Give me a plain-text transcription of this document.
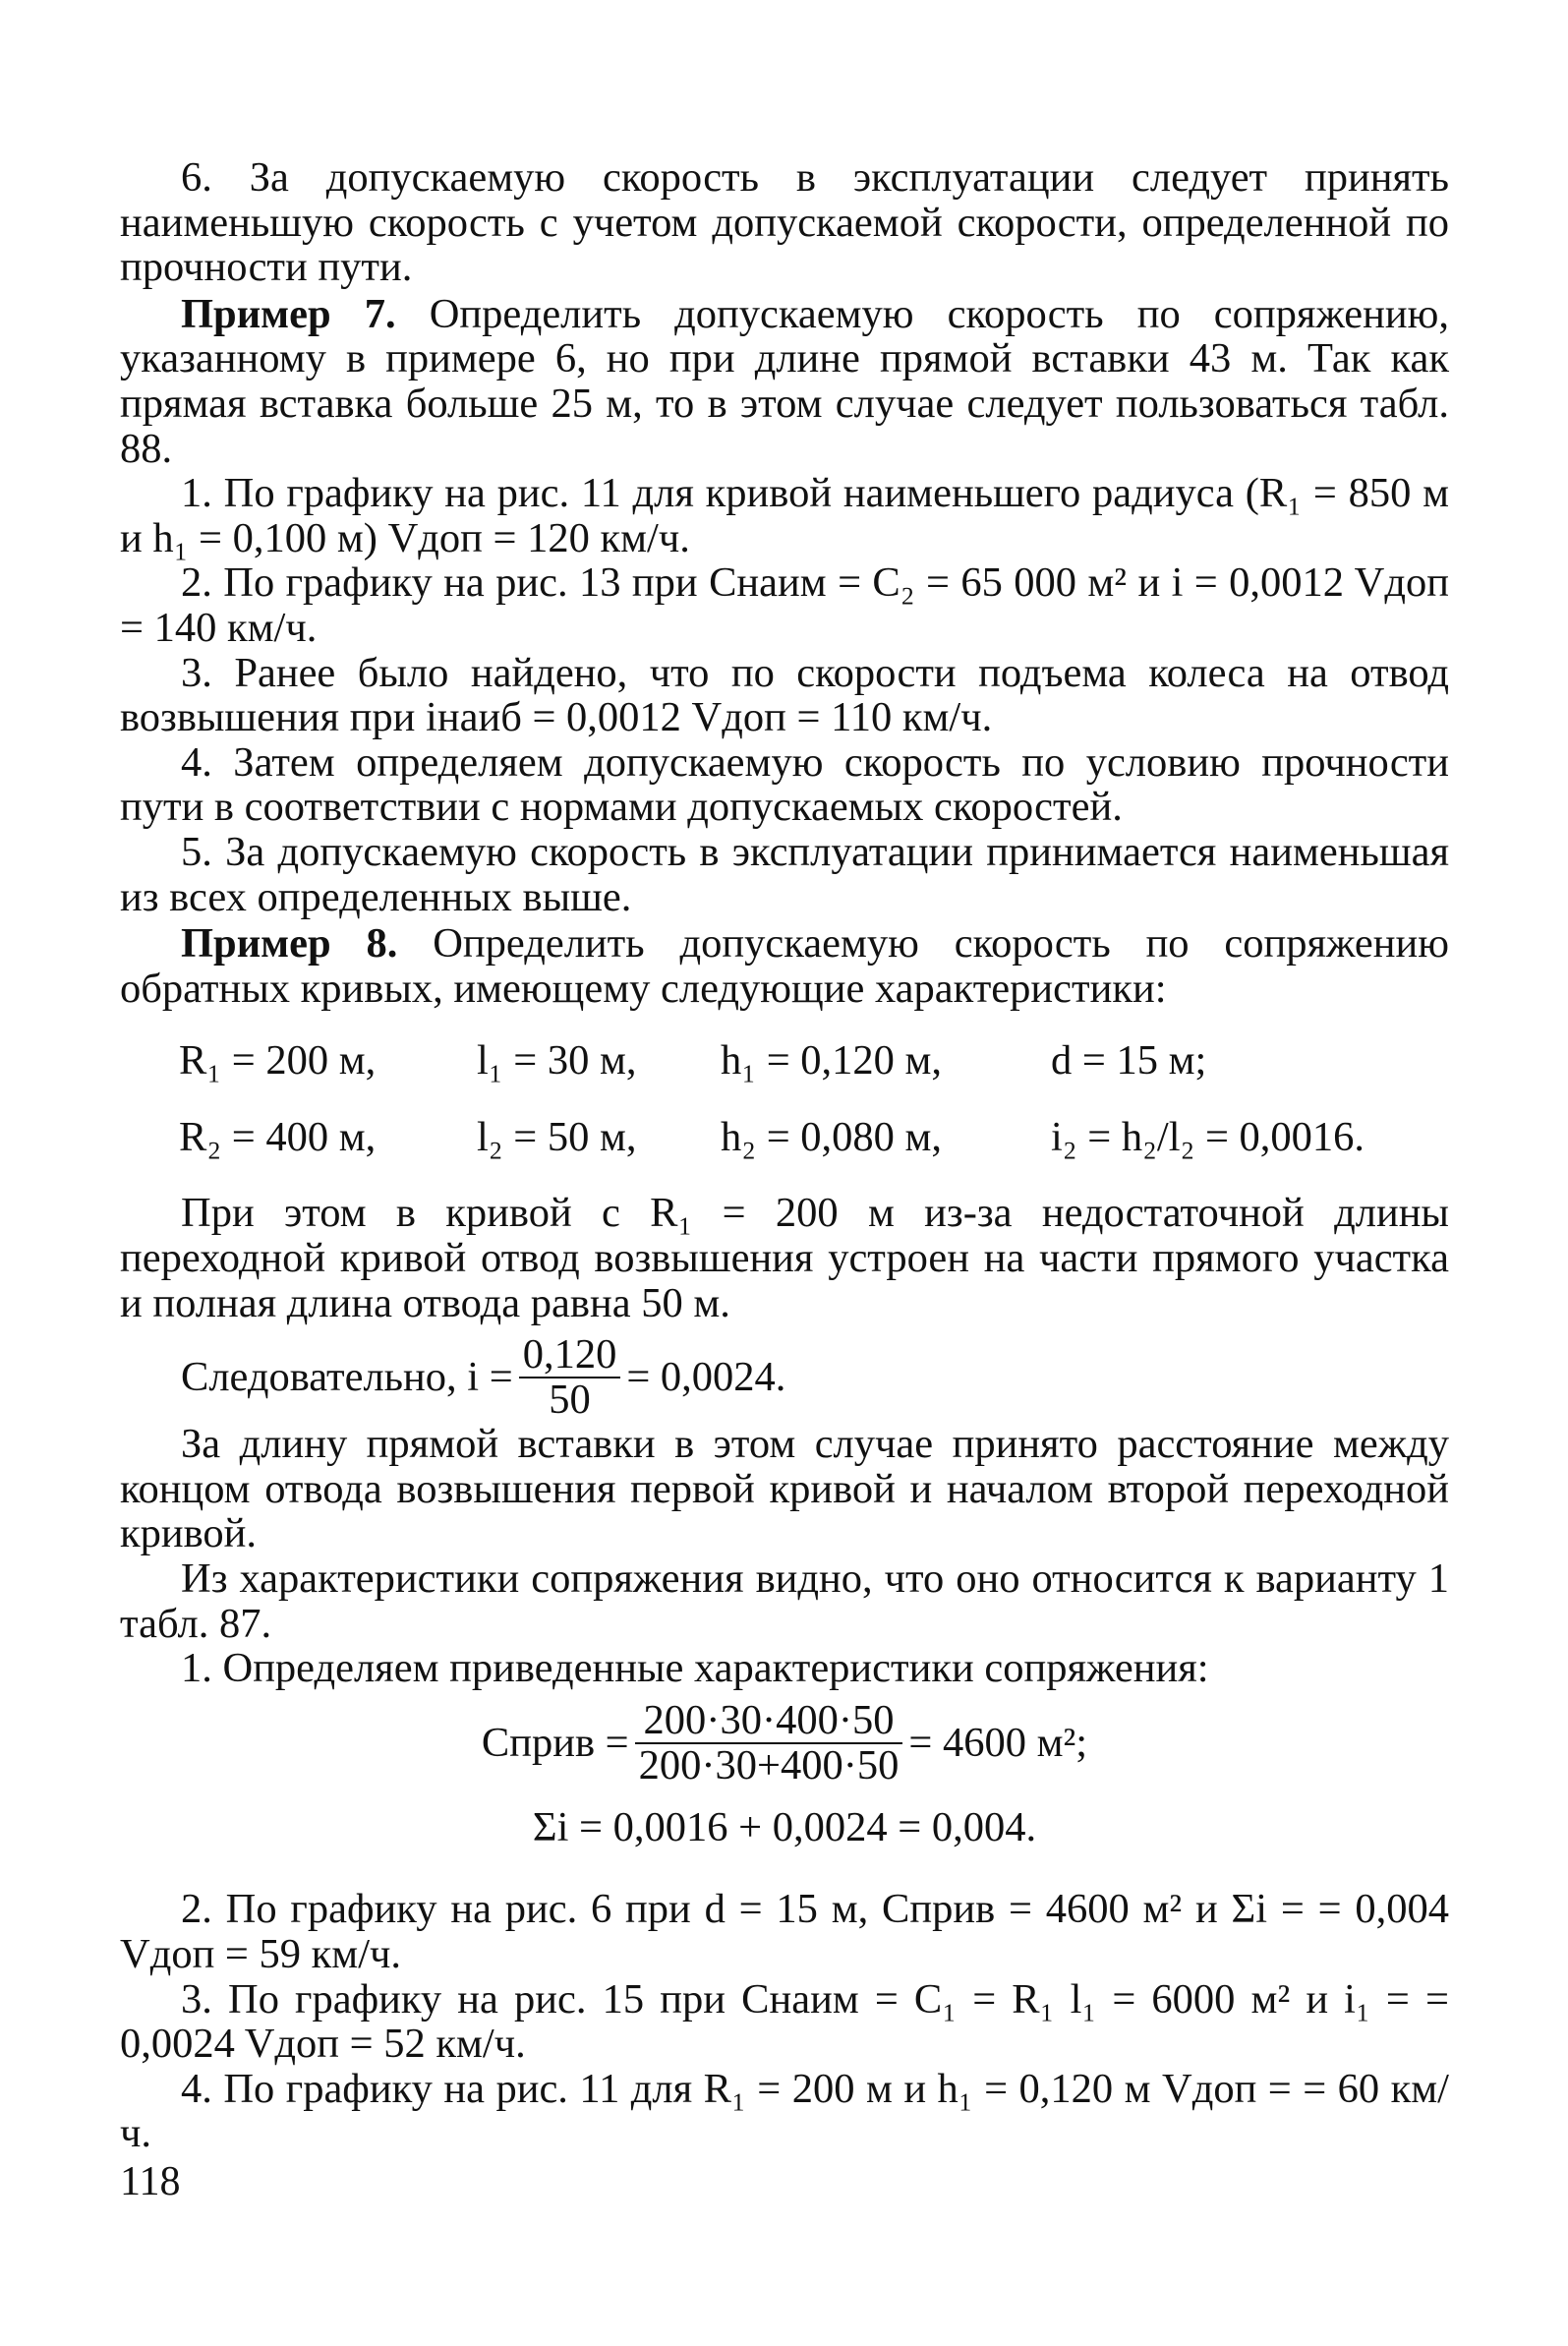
6. За допускаемую скорость в эксплуатации следует принять наименьшую скорость с учетом допускаемой скорости, определенной по прочности пути.

Пример 7. Определить допускаемую скорость по сопряжению, указанному в примере 6, но при длине прямой вставки 43 м. Так как прямая вставка больше 25 м, то в этом случае следует пользоваться табл. 88.

1. По графику на рис. 11 для кривой наименьшего радиуса (R₁ = 850 м и h₁ = 0,100 м) Vдоп = 120 км/ч.

2. По графику на рис. 13 при Cнаим = C₂ = 65 000 м² и i = 0,0012 Vдоп = 140 км/ч.

3. Ранее было найдено, что по скорости подъема колеса на отвод возвышения при iнаиб = 0,0012 Vдоп = 110 км/ч.

4. Затем определяем допускаемую скорость по условию прочности пути в соответствии с нормами допускаемых скоростей.

5. За допускаемую скорость в эксплуатации принимается наименьшая из всех определенных выше.

Пример 8. Определить допускаемую скорость по сопряжению обратных кривых, имеющему следующие характеристики:

R₁ = 200 м,	l₁ = 30 м,	h₁ = 0,120 м,	d = 15 м;
R₂ = 400 м,	l₂ = 50 м,	h₂ = 0,080 м,	i₂ = h₂/l₂ = 0,0016.

При этом в кривой с R₁ = 200 м из-за недостаточной длины переходной кривой отвод возвышения устроен на части прямого участка и полная длина отвода равна 50 м.

Следовательно, $i = \frac{0,120}{50} = 0,0024$.

За длину прямой вставки в этом случае принято расстояние между концом отвода возвышения первой кривой и началом второй переходной кривой.

Из характеристики сопряжения видно, что оно относится к варианту 1 табл. 87.

1. Определяем приведенные характеристики сопряжения:

Cприв = $\frac{200\cdot 30\cdot 400\cdot 50}{200\cdot 30+400\cdot 50} = 4600$ м²;
Σi = 0,0016 + 0,0024 = 0,004.

2. По графику на рис. 6 при d = 15 м, Cприв = 4600 м² и Σi = = 0,004 Vдоп = 59 км/ч.

3. По графику на рис. 15 при Cнаим = C₁ = R₁ l₁ = 6000 м² и i₁ = = 0,0024 Vдоп = 52 км/ч.

4. По графику на рис. 11 для R₁ = 200 м и h₁ = 0,120 м Vдоп = = 60 км/ч.

118
